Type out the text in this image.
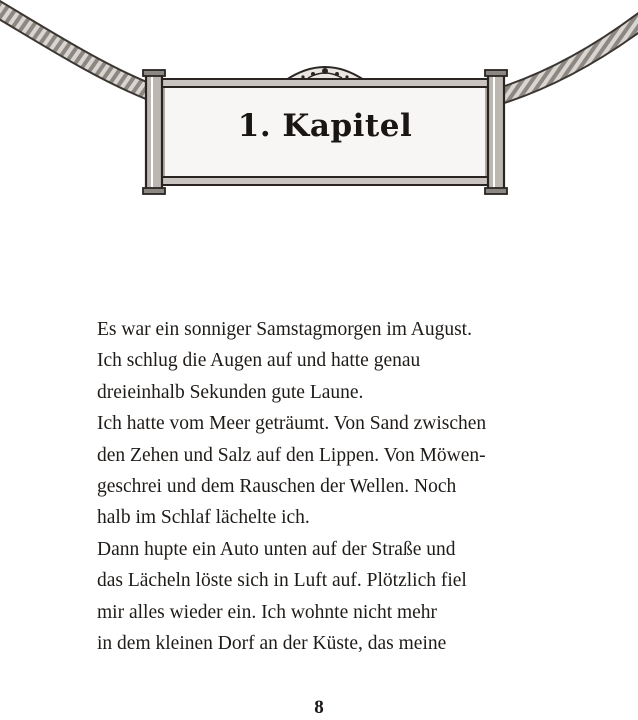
1. Kapitel
Es war ein sonniger Samstagmorgen im August.
Ich schlug die Augen auf und hatte genau
dreieinhalb Sekunden gute Laune.
Ich hatte vom Meer geträumt. Von Sand zwischen
den Zehen und Salz auf den Lippen. Von Möwen-
geschrei und dem Rauschen der Wellen. Noch
halb im Schlaf lächelte ich.
Dann hupte ein Auto unten auf der Straße und
das Lächeln löste sich in Luft auf. Plötzlich fiel
mir alles wieder ein. Ich wohnte nicht mehr
in dem kleinen Dorf an der Küste, das meine
8
